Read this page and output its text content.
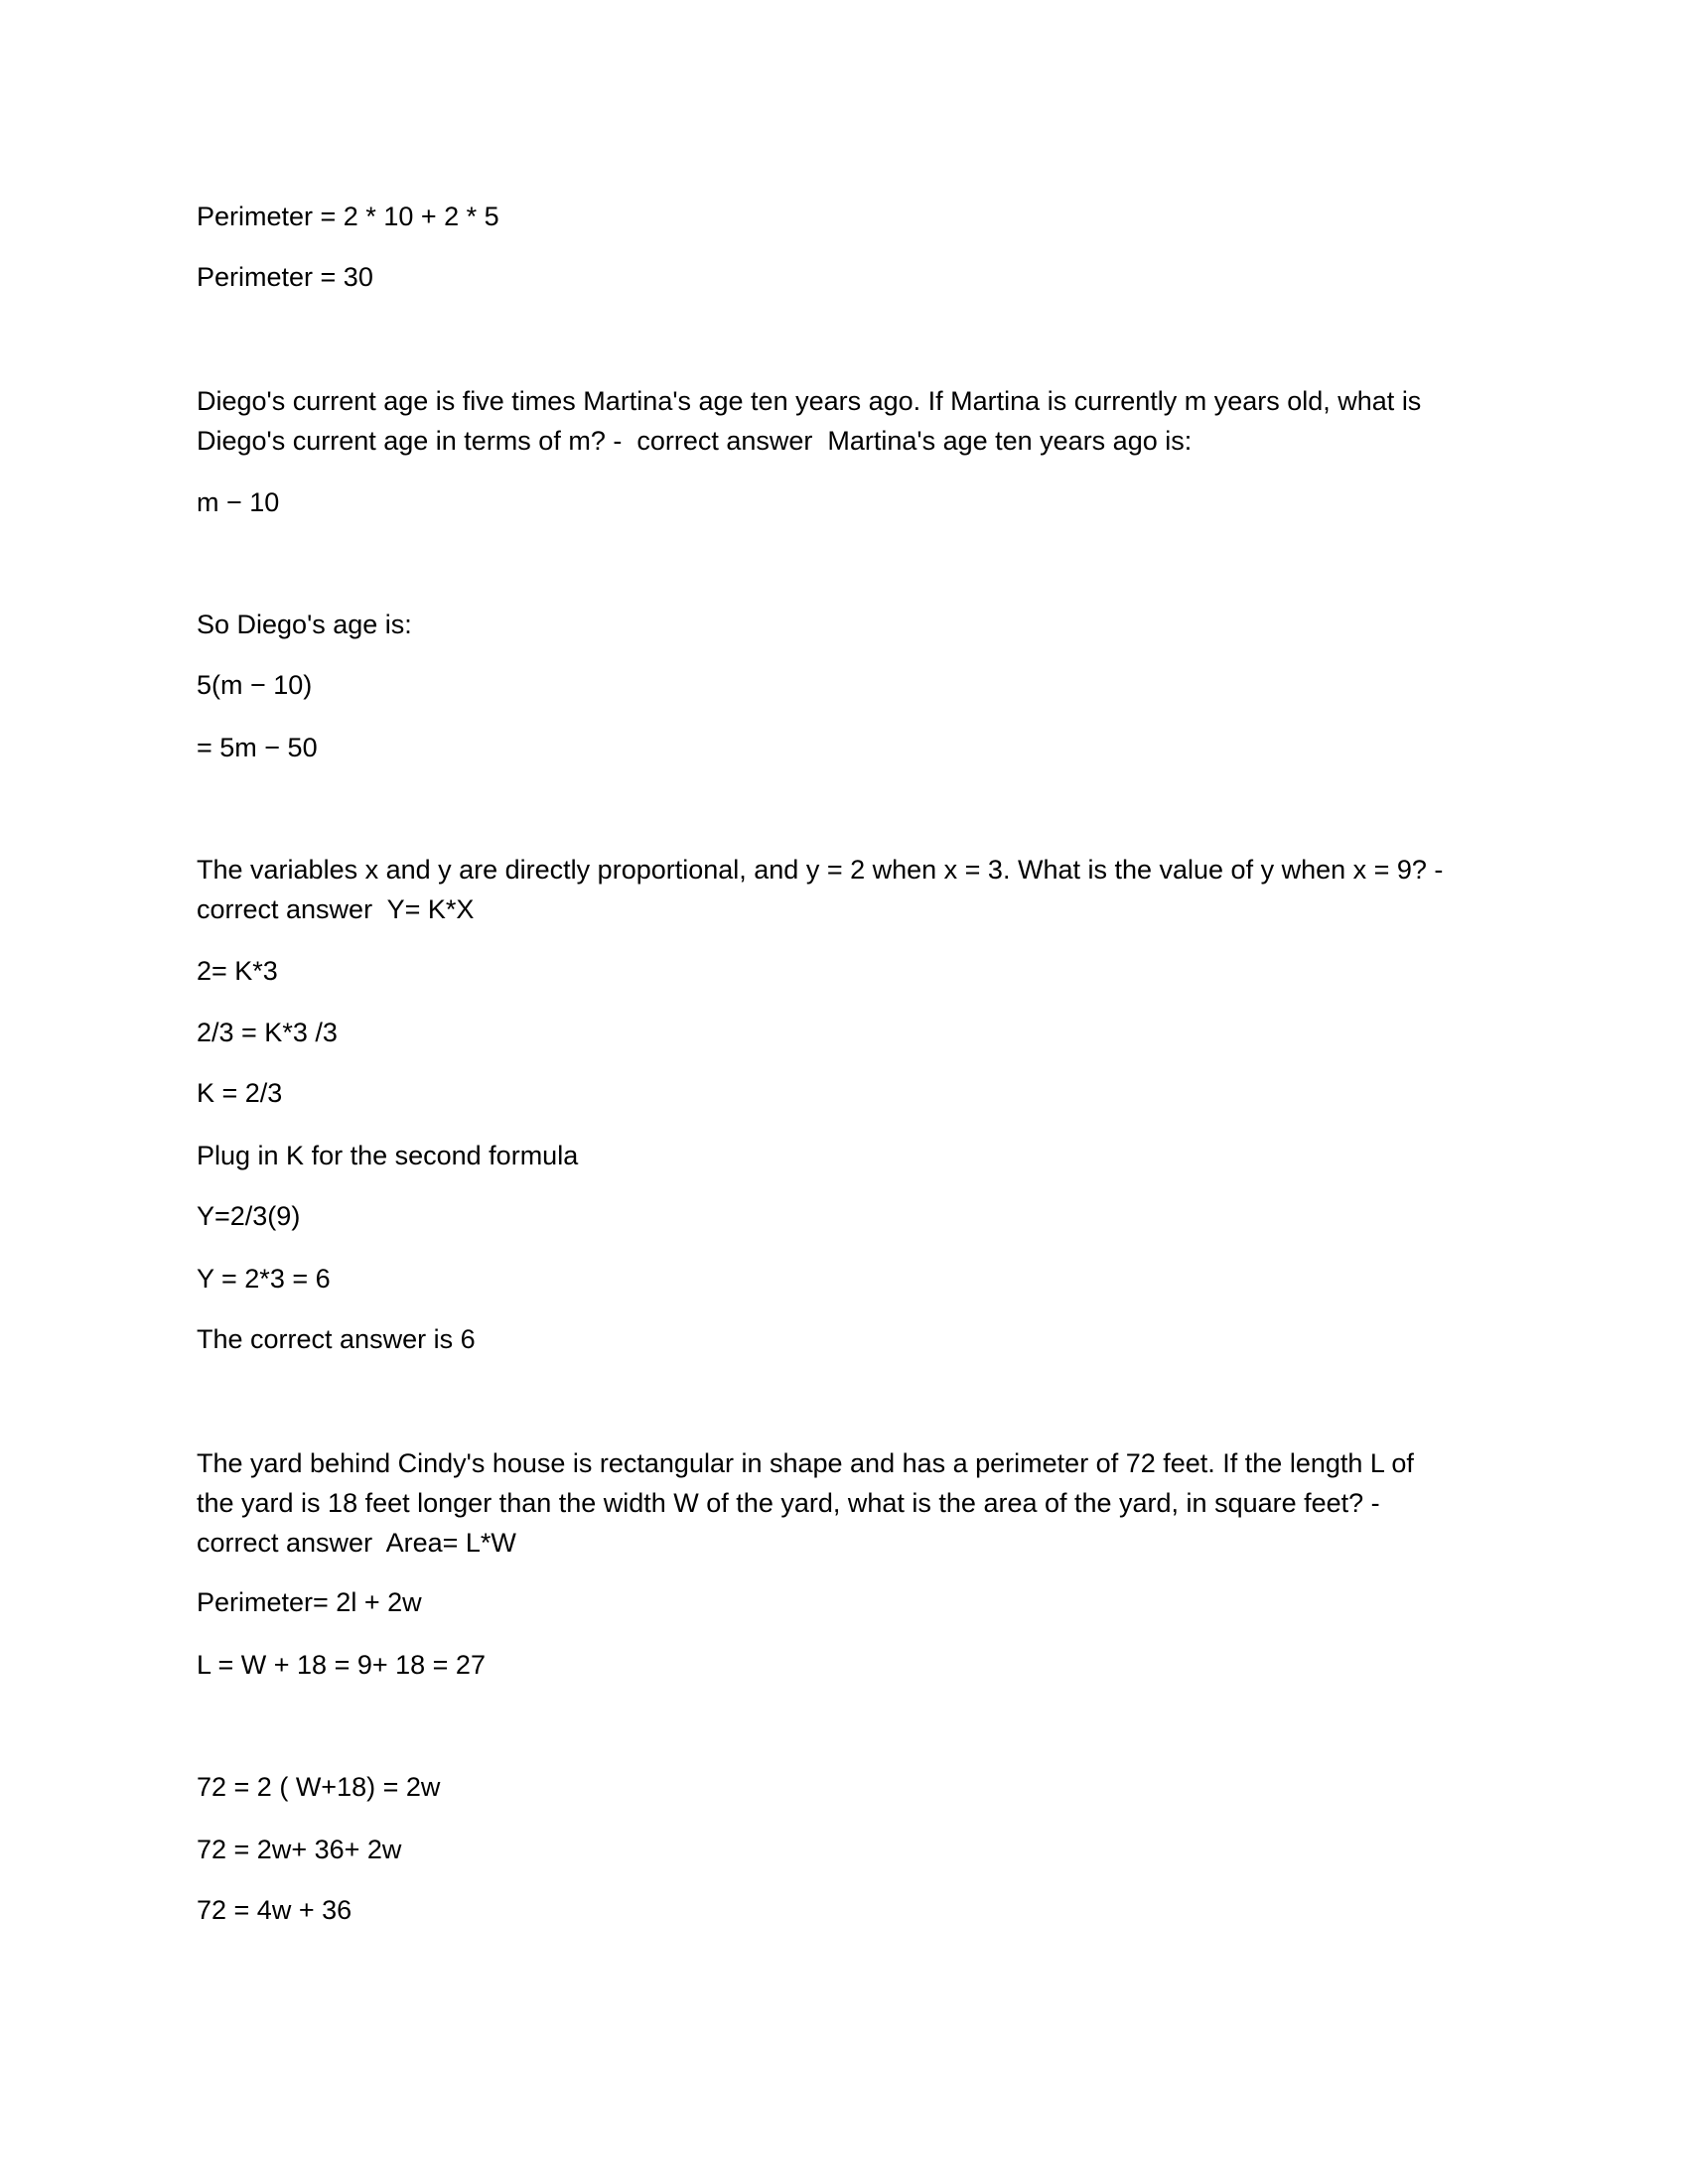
Perimeter = 2 * 10 + 2 * 5
Perimeter = 30
Diego's current age is five times Martina's age ten years ago. If Martina is currently m years old, what is
Diego's current age in terms of m? -  correct answer  Martina's age ten years ago is:
m − 10
So Diego's age is:
5(m − 10)
= 5m − 50
The variables x and y are directly proportional, and y = 2 when x = 3. What is the value of y when x = 9? -
correct answer  Y= K*X
2= K*3
2/3 = K*3 /3
K = 2/3
Plug in K for the second formula
Y=2/3(9)
Y = 2*3 = 6
The correct answer is 6
The yard behind Cindy's house is rectangular in shape and has a perimeter of 72 feet. If the length L of
the yard is 18 feet longer than the width W of the yard, what is the area of the yard, in square feet? -
correct answer  Area= L*W
Perimeter= 2l + 2w
L = W + 18 = 9+ 18 = 27
72 = 2 ( W+18) = 2w
72 = 2w+ 36+ 2w
72 = 4w + 36
